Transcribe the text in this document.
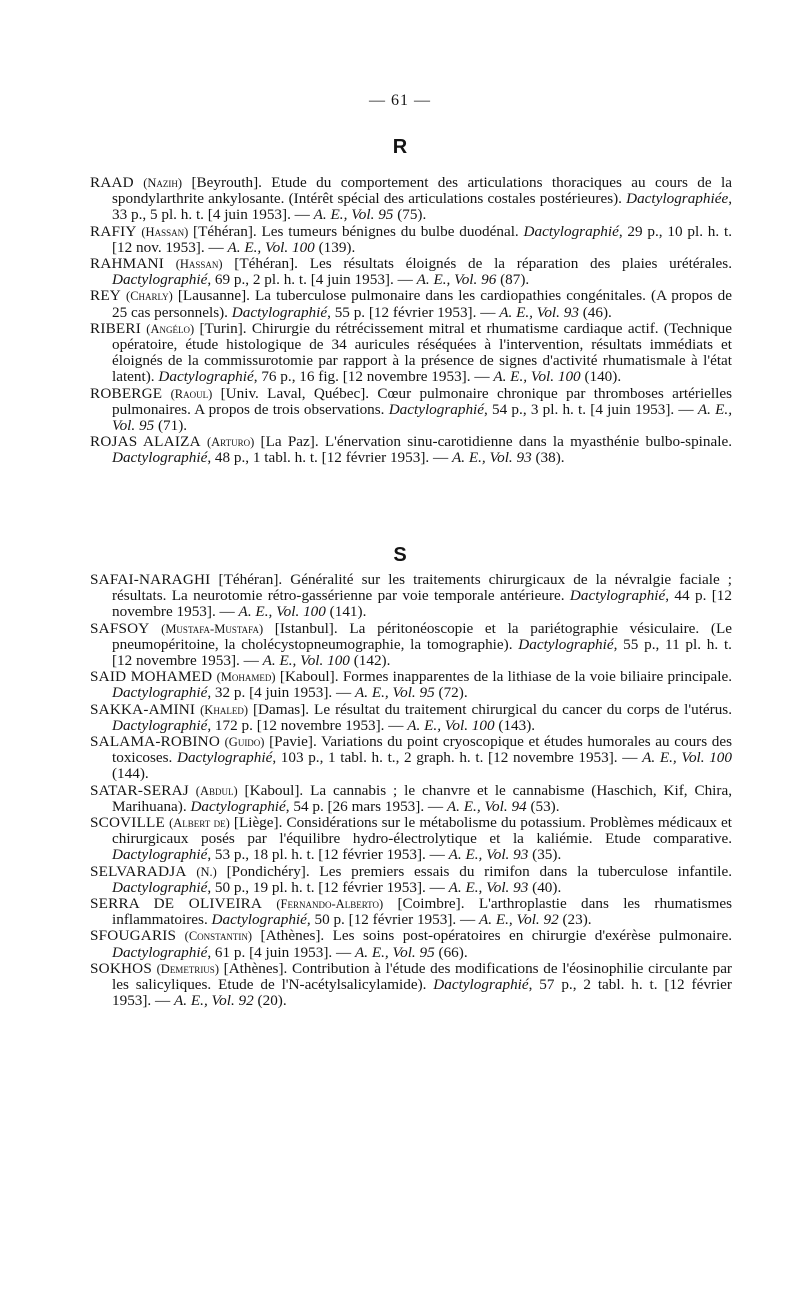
— 61 —
R

RAAD (Nazih) [Beyrouth]. Etude du comportement des articulations thoraciques au cours de la spondylarthrite ankylosante. (Intérêt spécial des articulations costales postérieures). Dactylographiée, 33 p., 5 pl. h. t. [4 juin 1953]. — A. E., Vol. 95 (75).

RAFIY (Hassan) [Téhéran]. Les tumeurs bénignes du bulbe duodénal. Dactylographié, 29 p., 10 pl. h. t. [12 nov. 1953]. — A. E., Vol. 100 (139).

RAHMANI (Hassan) [Téhéran]. Les résultats éloignés de la réparation des plaies urétérales. Dactylographié, 69 p., 2 pl. h. t. [4 juin 1953]. — A. E., Vol. 96 (87).

REY (Charly) [Lausanne]. La tuberculose pulmonaire dans les cardiopathies congénitales. (A propos de 25 cas personnels). Dactylographié, 55 p. [12 février 1953]. — A. E., Vol. 93 (46).

RIBERI (Angélo) [Turin]. Chirurgie du rétrécissement mitral et rhumatisme cardiaque actif. (Technique opératoire, étude histologique de 34 auricules réséquées à l'intervention, résultats immédiats et éloignés de la commissurotomie par rapport à la présence de signes d'activité rhumatismale à l'état latent). Dactylographié, 76 p., 16 fig. [12 novembre 1953]. — A. E., Vol. 100 (140).

ROBERGE (Raoul) [Univ. Laval, Québec]. Cœur pulmonaire chronique par thromboses artérielles pulmonaires. A propos de trois observations. Dactylographié, 54 p., 3 pl. h. t. [4 juin 1953]. — A. E., Vol. 95 (71).

ROJAS ALAIZA (Arturo) [La Paz]. L'énervation sinu-carotidienne dans la myasthénie bulbo-spinale. Dactylographié, 48 p., 1 tabl. h. t. [12 février 1953]. — A. E., Vol. 93 (38).

S

SAFAI-NARAGHI [Téhéran]. Généralité sur les traitements chirurgicaux de la névralgie faciale ; résultats. La neurotomie rétro-gassérienne par voie temporale antérieure. Dactylographié, 44 p. [12 novembre 1953]. — A. E., Vol. 100 (141).

SAFSOY (Mustafa-Mustafa) [Istanbul]. La péritonéoscopie et la pariétographie vésiculaire. (Le pneumopéritoine, la cholécystopneumographie, la tomographie). Dactylographié, 55 p., 11 pl. h. t. [12 novembre 1953]. — A. E., Vol. 100 (142).

SAID MOHAMED (Mohamed) [Kaboul]. Formes inapparentes de la lithiase de la voie biliaire principale. Dactylographié, 32 p. [4 juin 1953]. — A. E., Vol. 95 (72).

SAKKA-AMINI (Khaled) [Damas]. Le résultat du traitement chirurgical du cancer du corps de l'utérus. Dactylographié, 172 p. [12 novembre 1953]. — A. E., Vol. 100 (143).

SALAMA-ROBINO (Guido) [Pavie]. Variations du point cryoscopique et études humorales au cours des toxicoses. Dactylographié, 103 p., 1 tabl. h. t., 2 graph. h. t. [12 novembre 1953]. — A. E., Vol. 100 (144).

SATAR-SERAJ (Abdul) [Kaboul]. La cannabis ; le chanvre et le cannabisme (Haschich, Kif, Chira, Marihuana). Dactylographié, 54 p. [26 mars 1953]. — A. E., Vol. 94 (53).

SCOVILLE (Albert de) [Liège]. Considérations sur le métabolisme du potassium. Problèmes médicaux et chirurgicaux posés par l'équilibre hydro-électrolytique et la kaliémie. Etude comparative. Dactylographié, 53 p., 18 pl. h. t. [12 février 1953]. — A. E., Vol. 93 (35).

SELVARADJA (N.) [Pondichéry]. Les premiers essais du rimifon dans la tuberculose infantile. Dactylographié, 50 p., 19 pl. h. t. [12 février 1953]. — A. E., Vol. 93 (40).

SERRA DE OLIVEIRA (Fernando-Alberto) [Coimbre]. L'arthroplastie dans les rhumatismes inflammatoires. Dactylographié, 50 p. [12 février 1953]. — A. E., Vol. 92 (23).

SFOUGARIS (Constantin) [Athènes]. Les soins post-opératoires en chirurgie d'exérèse pulmonaire. Dactylographié, 61 p. [4 juin 1953]. — A. E., Vol. 95 (66).

SOKHOS (Demetrius) [Athènes]. Contribution à l'étude des modifications de l'éosinophilie circulante par les salicyliques. Etude de l'N-acétylsalicylamide). Dactylographié, 57 p., 2 tabl. h. t. [12 février 1953]. — A. E., Vol. 92 (20).
